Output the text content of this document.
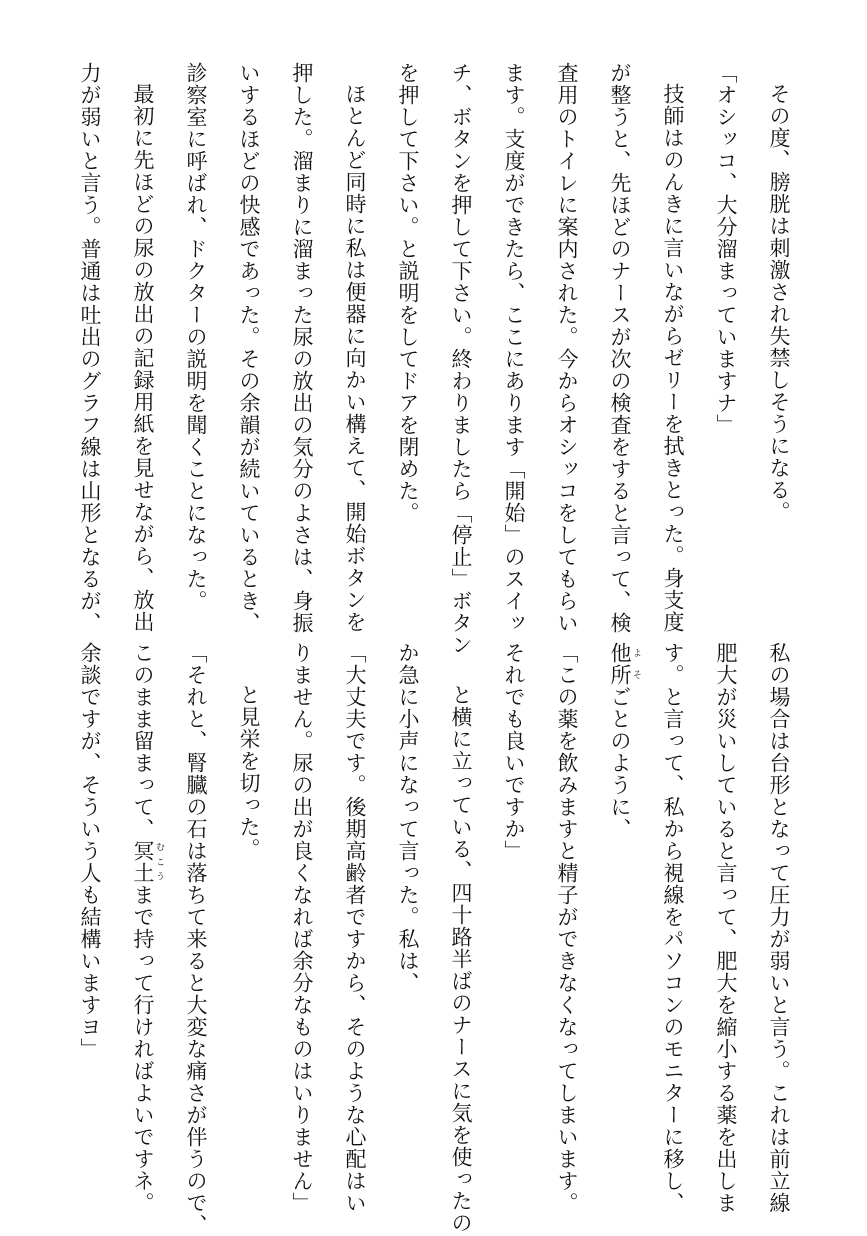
その度、膀胱は刺激され失禁しそうになる。
「オシッコ、大分溜まっていますナ」
技師はのんきに言いながらゼリーを拭きとった。身支度
が整うと、先ほどのナースが次の検査をすると言って、検
査用のトイレに案内された。今からオシッコをしてもらい
ます。支度ができたら、ここにあります「開始」のスイッ
チ、ボタンを押して下さい。終わりましたら「停止」ボタン
を押して下さい。と説明をしてドアを閉めた。
ほとんど同時に私は便器に向かい構えて、開始ボタンを
押した。溜まりに溜まった尿の放出の気分のよさは、身振
いするほどの快感であった。その余韻が続いているとき、
診察室に呼ばれ、ドクターの説明を聞くことになった。
最初に先ほどの尿の放出の記録用紙を見せながら、放出
力が弱いと言う。普通は吐出のグラフ線は山形となるが、
私の場合は台形となって圧力が弱いと言う。これは前立線
肥大が災いしていると言って、肥大を縮小する薬を出しま
す。と言って、私から視線をパソコンのモニターに移し、
他所 よそごとのように、
「この薬を飲みますと精子ができなくなってしまいます。
それでも良いですか」
と横に立っている、四十路半ばのナースに気を使ったの
か急に小声になって言った。私は、
「大丈夫です。後期高齢者ですから、そのような心配はい
りません。尿の出が良くなれば余分なものはいりません」
と見栄を切った。
「それと、腎臓の石は落ちて来ると大変な痛さが伴うので、
このまま留まって、冥土 むこうまで持って行ければよいですネ。
余談ですが、そういう人も結構いますヨ」
